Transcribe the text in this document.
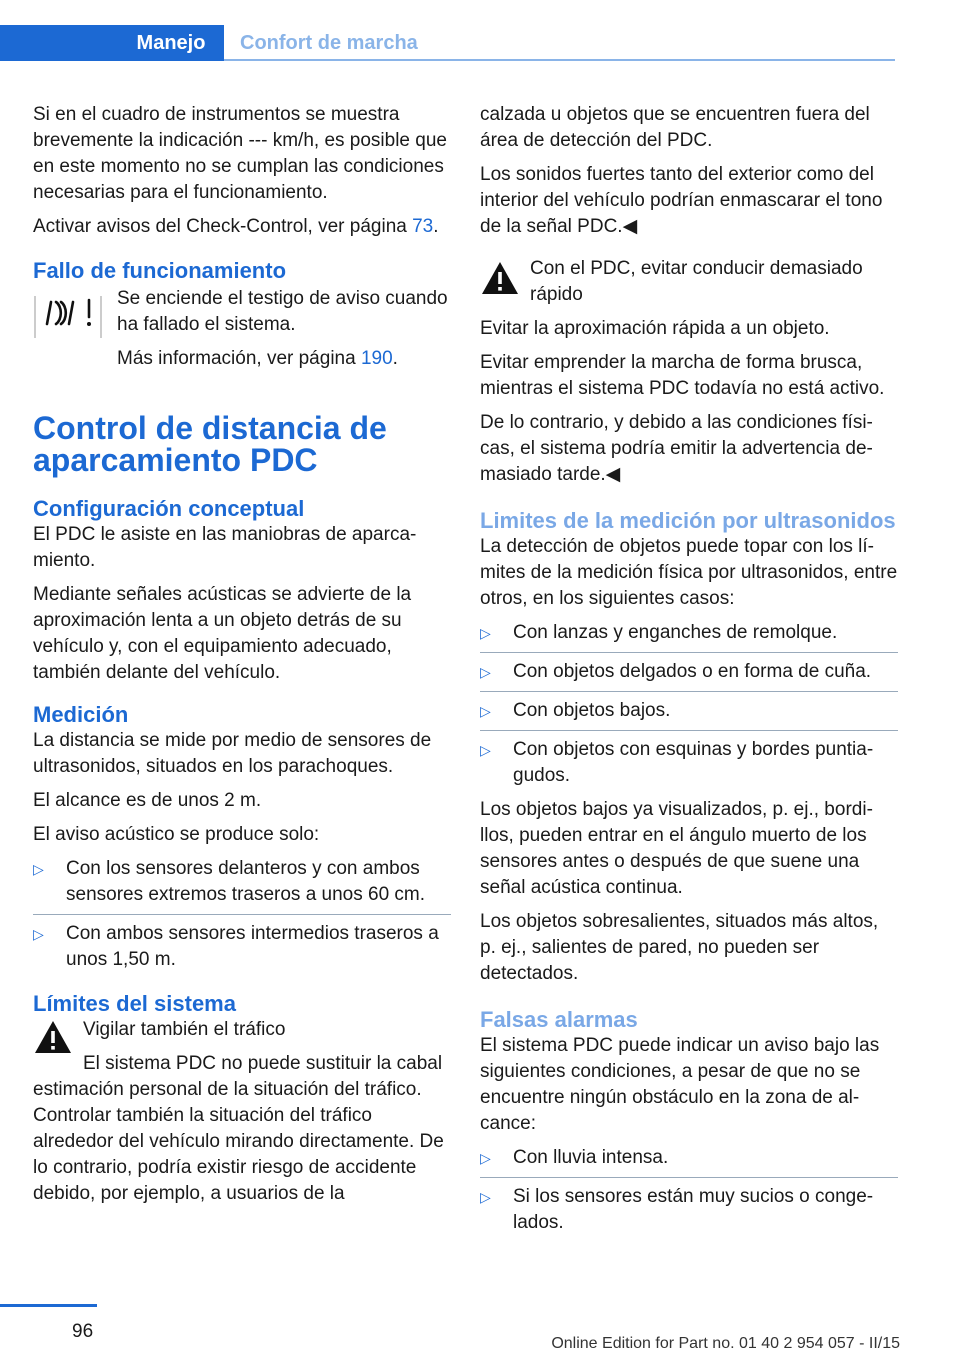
Manejo	Confort de marcha

Si en el cuadro de instrumentos se muestra brevemente la indicación --- km/h, es posible que en este momento no se cumplan las condiciones necesarias para el funcionamiento.

Activar avisos del Check-Control, ver página 73.

Fallo de funcionamiento

Se enciende el testigo de aviso cuando ha fallado el sistema.

Más información, ver página 190.

Control de distancia de aparcamiento PDC
Configuración conceptual

El PDC le asiste en las maniobras de aparcamiento.

Mediante señales acústicas se advierte de la aproximación lenta a un objeto detrás de su vehículo y, con el equipamiento adecuado, también delante del vehículo.

Medición

La distancia se mide por medio de sensores de ultrasonidos, situados en los parachoques.

El alcance es de unos 2 m.

El aviso acústico se produce solo:

▷ Con los sensores delanteros y con ambos sensores extremos traseros a unos 60 cm.
▷ Con ambos sensores intermedios traseros a unos 1,50 m.
Límites del sistema

Vigilar también el tráfico

El sistema PDC no puede sustituir la cabal estimación personal de la situación del tráfico. Controlar también la situación del tráfico alrededor del vehículo mirando directamente. De lo contrario, podría existir riesgo de accidente debido, por ejemplo, a usuarios de la

calzada u objetos que se encuentren fuera del área de detección del PDC.

Los sonidos fuertes tanto del exterior como del interior del vehículo podrían enmascarar el tono de la señal PDC.◀

Con el PDC, evitar conducir demasiado rápido

Evitar la aproximación rápida a un objeto.

Evitar emprender la marcha de forma brusca, mientras el sistema PDC todavía no está activo.

De lo contrario, y debido a las condiciones físicas, el sistema podría emitir la advertencia demasiado tarde.◀

Limites de la medición por ultrasonidos

La detección de objetos puede topar con los límites de la medición física por ultrasonidos, entre otros, en los siguientes casos:

▷ Con lanzas y enganches de remolque.
▷ Con objetos delgados o en forma de cuña.
▷ Con objetos bajos.
▷ Con objetos con esquinas y bordes puntiagudos.

Los objetos bajos ya visualizados, p. ej., bordillos, pueden entrar en el ángulo muerto de los sensores antes o después de que suene una señal acústica continua.

Los objetos sobresalientes, situados más altos, p. ej., salientes de pared, no pueden ser detectados.

Falsas alarmas

El sistema PDC puede indicar un aviso bajo las siguientes condiciones, a pesar de que no se encuentre ningún obstáculo en la zona de alcance:

▷ Con lluvia intensa.
▷ Si los sensores están muy sucios o congelados.
96
Online Edition for Part no. 01 40 2 954 057 - II/15
